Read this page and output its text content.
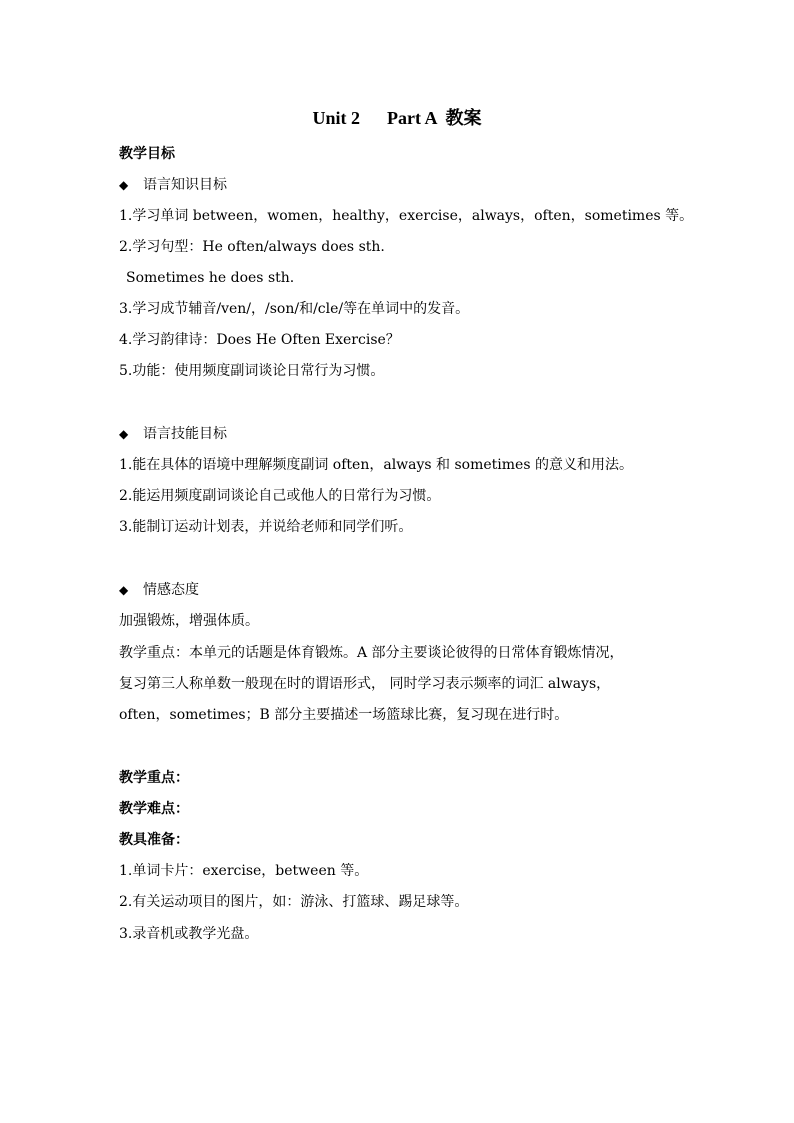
Unit 2      Part A  教案
教学目标
◆ 语言知识目标
1.学习单词 between，women，healthy，exercise，always，often，sometimes 等。
2.学习句型：He often/always does sth.
Sometimes he does sth.
3.学习成节辅音/ven/，/son/和/cle/等在单词中的发音。
4.学习韵律诗：Does He Often Exercise？
5.功能：使用频度副词谈论日常行为习惯。
◆ 语言技能目标
1.能在具体的语境中理解频度副词 often，always 和 sometimes 的意义和用法。
2.能运用频度副词谈论自己或他人的日常行为习惯。
3.能制订运动计划表，并说给老师和同学们听。
◆ 情感态度
加强锻炼，增强体质。
教学重点：本单元的话题是体育锻炼。A 部分主要谈论彼得的日常体育锻炼情况，
复习第三人称单数一般现在时的谓语形式， 同时学习表示频率的词汇 always，
often，sometimes；B 部分主要描述一场篮球比赛，复习现在进行时。
教学重点：
教学难点：
教具准备：
1.单词卡片：exercise，between 等。
2.有关运动项目的图片，如：游泳、打篮球、踢足球等。
3.录音机或教学光盘。
